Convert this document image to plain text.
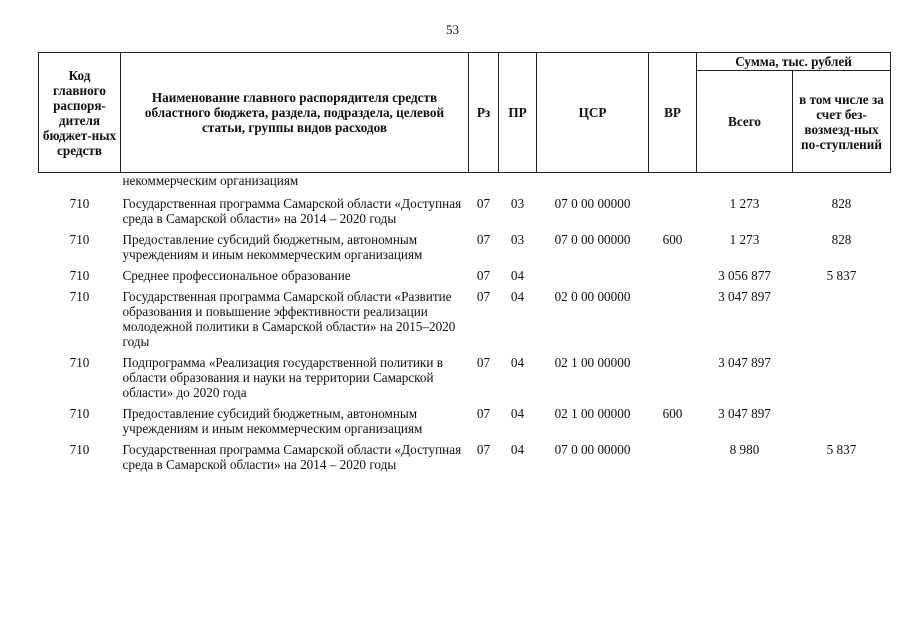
53
Код главного распоря-дителя бюджет-ных средств	Наименование главного распорядителя средств областного бюджета, раздела, подраздела, целевой статьи, группы видов расходов	Рз	ПР	ЦСР	ВР	Сумма, тыс. рублей	
						Всего	в том числе за счет без-возмезд-ных по-ступлений
	некоммерческим организациям						

710	Государственная программа Самарской области «Доступная среда в Самарской области» на 2014 – 2020 годы	07	03	07 0 00 00000		1 273	828
710	Предоставление субсидий бюджетным, автономным учреждениям и иным некоммерческим организациям	07	03	07 0 00 00000	600	1 273	828
710	Среднее профессиональное образование	07	04			3 056 877	5 837
710	Государственная программа Самарской области «Развитие образования и повышение эффективности реализации молодежной политики в Самарской области» на 2015–2020 годы	07	04	02 0 00 00000		3 047 897	
710	Подпрограмма «Реализация государственной политики в области образования и науки на территории Самарской области» до 2020 года	07	04	02 1 00 00000		3 047 897	
710	Предоставление субсидий бюджетным, автономным учреждениям и иным некоммерческим организациям	07	04	02 1 00 00000	600	3 047 897	
710	Государственная программа Самарской области «Доступная среда в Самарской области» на 2014 – 2020 годы	07	04	07 0 00 00000		8 980	5 837
